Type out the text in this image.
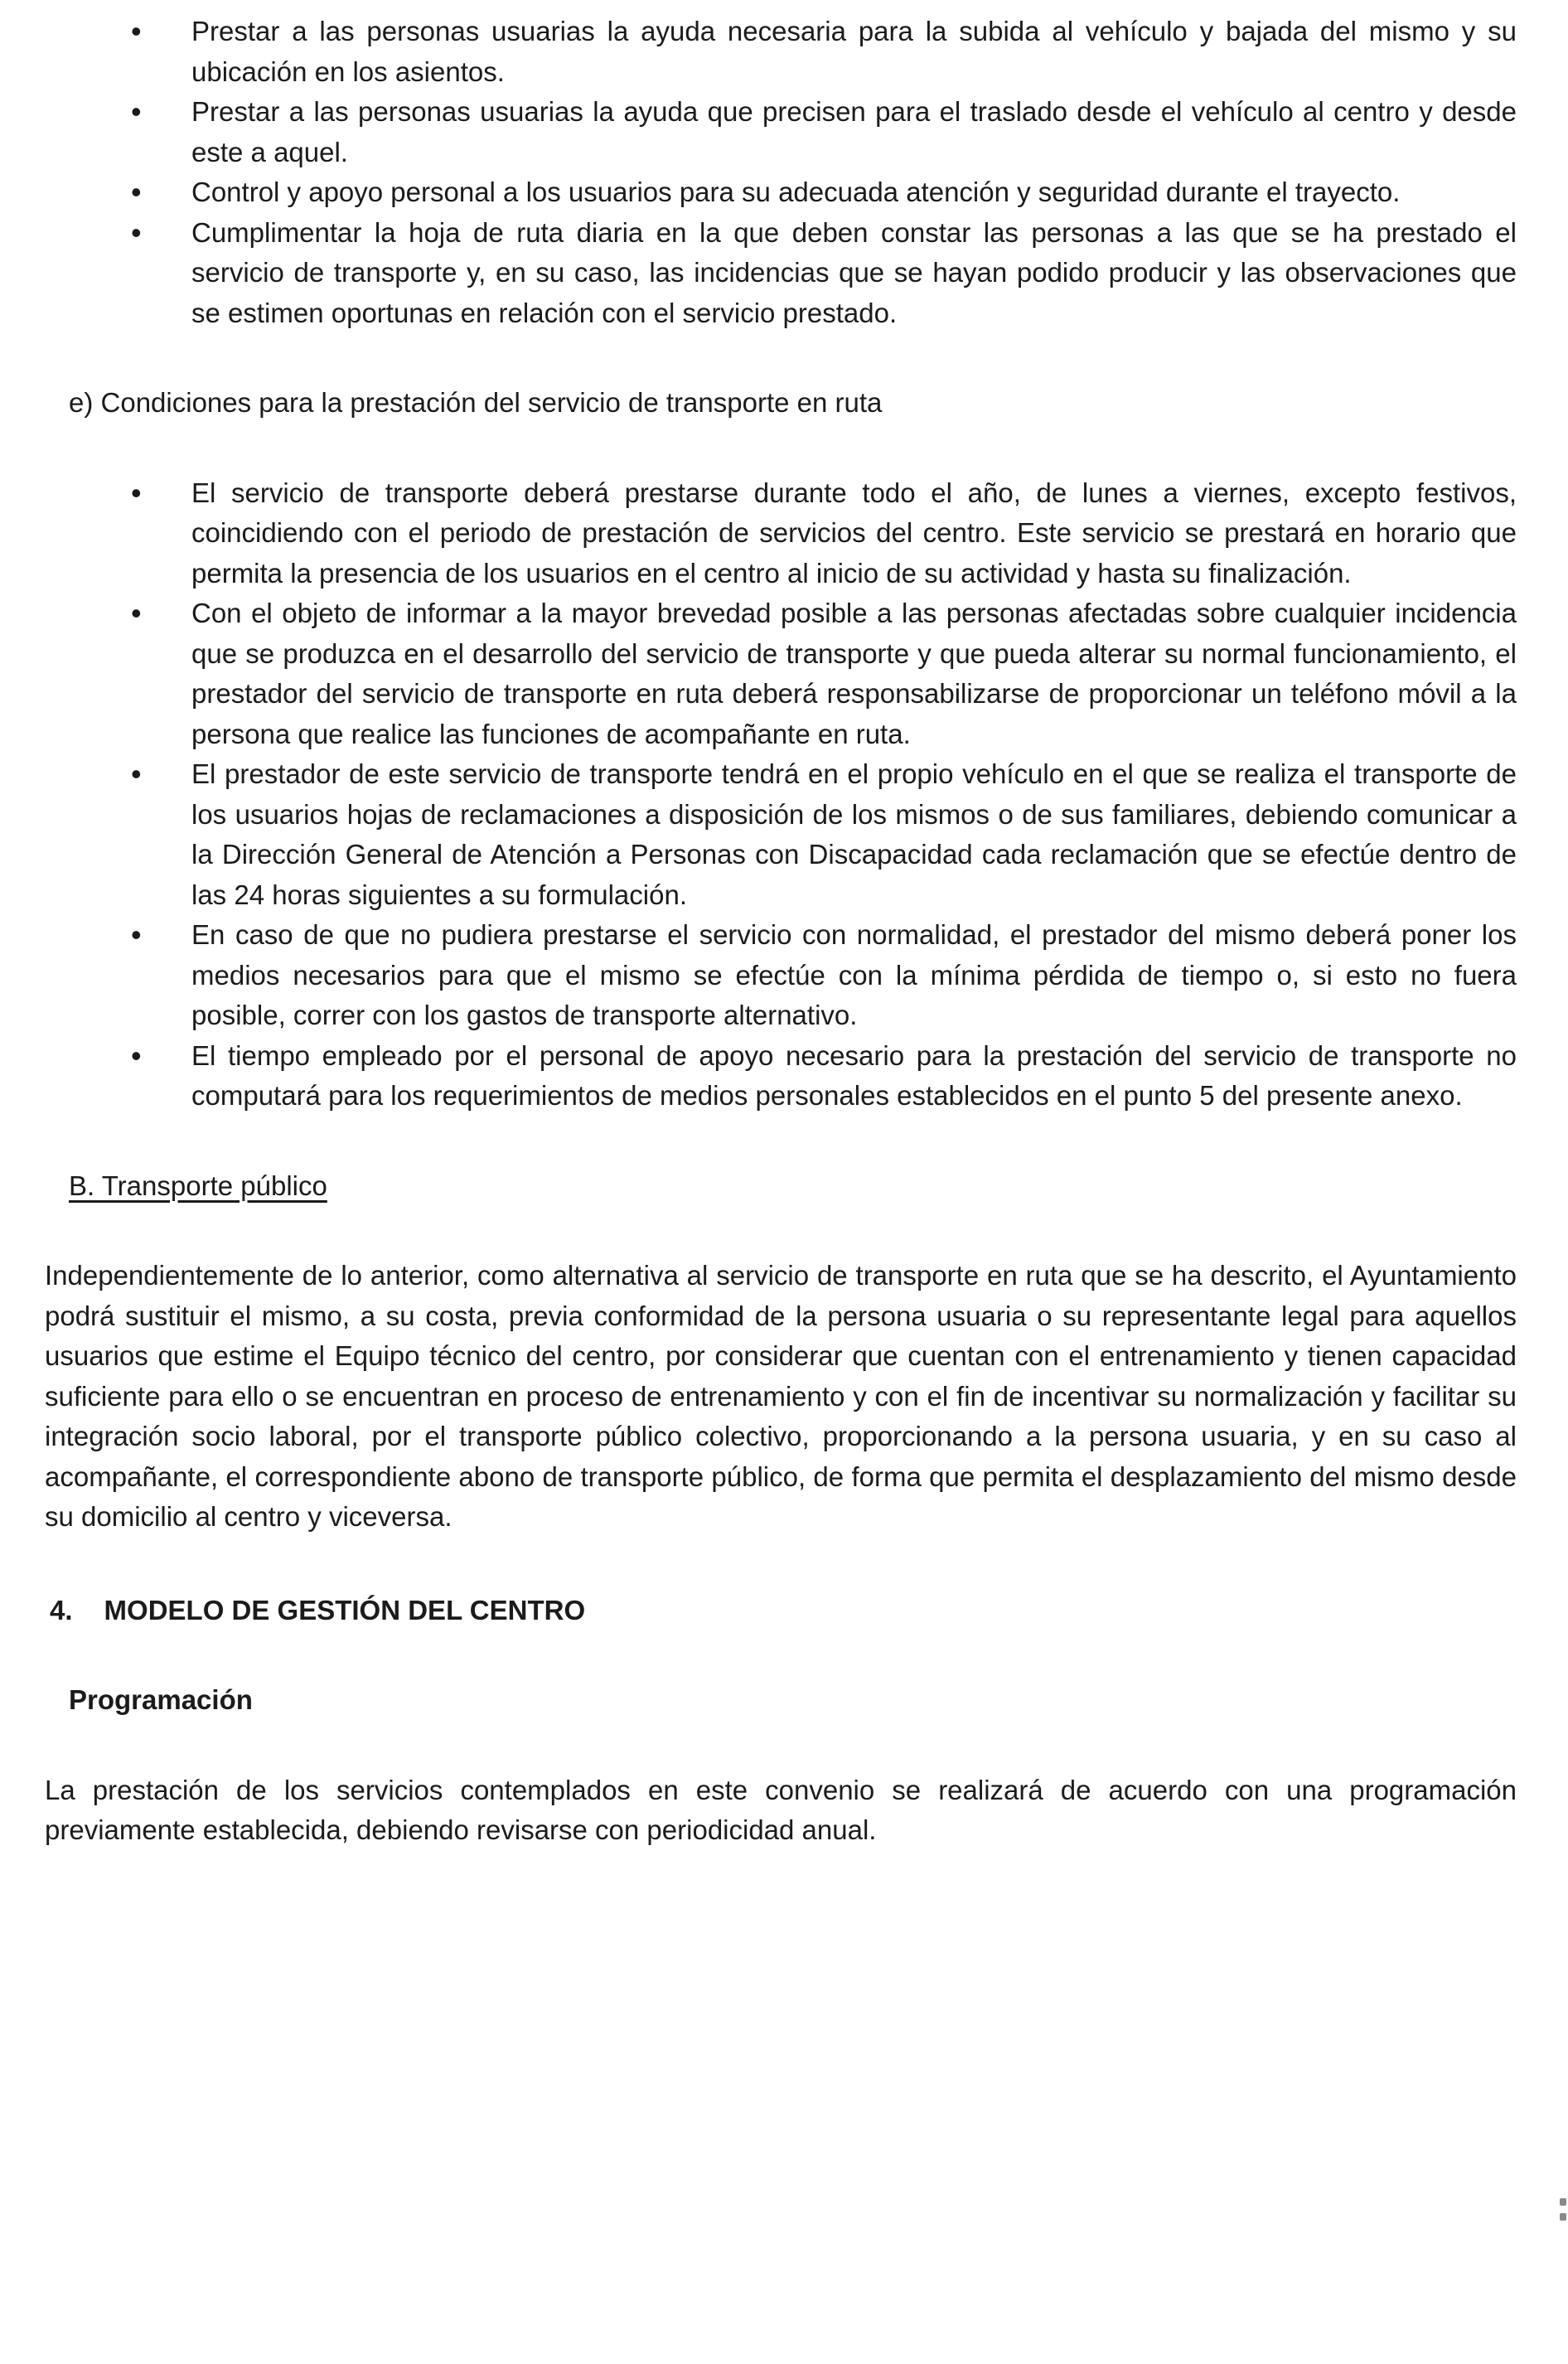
• Prestar a las personas usuarias la ayuda necesaria para la subida al vehículo y bajada del mismo y su ubicación en los asientos.
• Prestar a las personas usuarias la ayuda que precisen para el traslado desde el vehículo al centro y desde este a aquel.
• Control y apoyo personal a los usuarios para su adecuada atención y seguridad durante el trayecto.
• Cumplimentar la hoja de ruta diaria en la que deben constar las personas a las que se ha prestado el servicio de transporte y, en su caso, las incidencias que se hayan podido producir y las observaciones que se estimen oportunas en relación con el servicio prestado.

e) Condiciones para la prestación del servicio de transporte en ruta

• El servicio de transporte deberá prestarse durante todo el año, de lunes a viernes, excepto festivos, coincidiendo con el periodo de prestación de servicios del centro. Este servicio se prestará en horario que permita la presencia de los usuarios en el centro al inicio de su actividad y hasta su finalización.
• Con el objeto de informar a la mayor brevedad posible a las personas afectadas sobre cualquier incidencia que se produzca en el desarrollo del servicio de transporte y que pueda alterar su normal funcionamiento, el prestador del servicio de transporte en ruta deberá responsabilizarse de proporcionar un teléfono móvil a la persona que realice las funciones de acompañante en ruta.
• El prestador de este servicio de transporte tendrá en el propio vehículo en el que se realiza el transporte de los usuarios hojas de reclamaciones a disposición de los mismos o de sus familiares, debiendo comunicar a la Dirección General de Atención a Personas con Discapacidad cada reclamación que se efectúe dentro de las 24 horas siguientes a su formulación.
• En caso de que no pudiera prestarse el servicio con normalidad, el prestador del mismo deberá poner los medios necesarios para que el mismo se efectúe con la mínima pérdida de tiempo o, si esto no fuera posible, correr con los gastos de transporte alternativo.
• El tiempo empleado por el personal de apoyo necesario para la prestación del servicio de transporte no computará para los requerimientos de medios personales establecidos en el punto 5 del presente anexo.

B. Transporte público

Independientemente de lo anterior, como alternativa al servicio de transporte en ruta que se ha descrito, el Ayuntamiento podrá sustituir el mismo, a su costa, previa conformidad de la persona usuaria o su representante legal para aquellos usuarios que estime el Equipo técnico del centro, por considerar que cuentan con el entrenamiento y tienen capacidad suficiente para ello o se encuentran en proceso de entrenamiento y con el fin de incentivar su normalización y facilitar su integración socio laboral, por el transporte público colectivo, proporcionando a la persona usuaria, y en su caso al acompañante, el correspondiente abono de transporte público, de forma que permita el desplazamiento del mismo desde su domicilio al centro y viceversa.

4. MODELO DE GESTIÓN DEL CENTRO

Programación

La prestación de los servicios contemplados en este convenio se realizará de acuerdo con una programación previamente establecida, debiendo revisarse con periodicidad anual.
